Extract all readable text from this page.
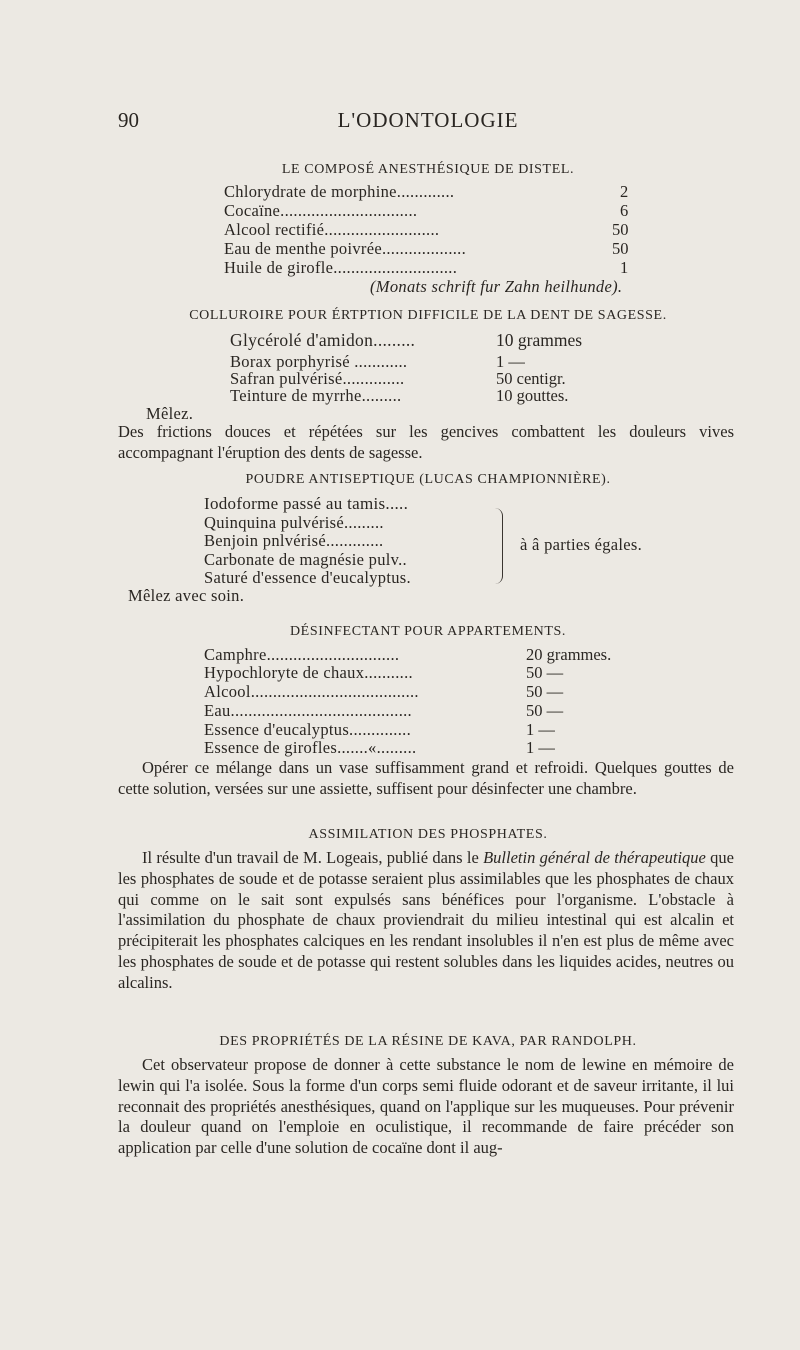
90	L'ODONTOLOGIE
LE COMPOSÉ ANESTHÉSIQUE DE DISTEL.
Chlorydrate de morphine.............	2
Cocaïne...............................	6
Alcool rectifié..........................	50
Eau de menthe poivrée...................	50
Huile de girofle............................	1
(Monats schrift fur Zahn heilhunde).
COLLUROIRE POUR ÉRTPTION DIFFICILE DE LA DENT DE SAGESSE.
Glycérolé d'amidon.........	10 grammes
Borax porphyrisé ............	1 —
Safran pulvérisé..............	50 centigr.
Teinture de myrrhe.........	10 gouttes.
Mêlez.

Des frictions douces et répétées sur les gencives combattent les douleurs vives accompagnant l'éruption des dents de sagesse.

POUDRE ANTISEPTIQUE (LUCAS CHAMPIONNIÈRE).
Iodoforme passé au tamis.....
Quinquina pulvérisé.........
Benjoin pnlvérisé.............
Carbonate de magnésie pulv..
Saturé d'essence d'eucalyptus.
à â parties égales.
Mêlez avec soin.
DÉSINFECTANT POUR APPARTEMENTS.
Camphre..............................	20 grammes.
Hypochloryte de chaux...........	50 —
Alcool......................................	50 —
Eau.........................................	50 —
Essence d'eucalyptus..............	1 —
Essence de girofles.......«.........	1 —

Opérer ce mélange dans un vase suffisamment grand et refroidi. Quelques gouttes de cette solution, versées sur une assiette, suffisent pour désinfecter une chambre.

ASSIMILATION DES PHOSPHATES.

Il résulte d'un travail de M. Logeais, publié dans le Bulletin général de thérapeutique que les phosphates de soude et de potasse seraient plus assimilables que les phosphates de chaux qui comme on le sait sont expulsés sans bénéfices pour l'organisme. L'obstacle à l'assimilation du phosphate de chaux proviendrait du milieu intestinal qui est alcalin et précipiterait les phosphates calciques en les rendant insolubles il n'en est plus de même avec les phosphates de soude et de potasse qui restent solubles dans les liquides acides, neutres ou alcalins.

DES PROPRIÉTÉS DE LA RÉSINE DE KAVA, PAR RANDOLPH.

Cet observateur propose de donner à cette substance le nom de lewine en mémoire de lewin qui l'a isolée. Sous la forme d'un corps semi fluide odorant et de saveur irritante, il lui reconnait des propriétés anesthésiques, quand on l'applique sur les muqueuses. Pour prévenir la douleur quand on l'emploie en oculistique, il recommande de faire précéder son application par celle d'une solution de cocaïne dont il aug-
